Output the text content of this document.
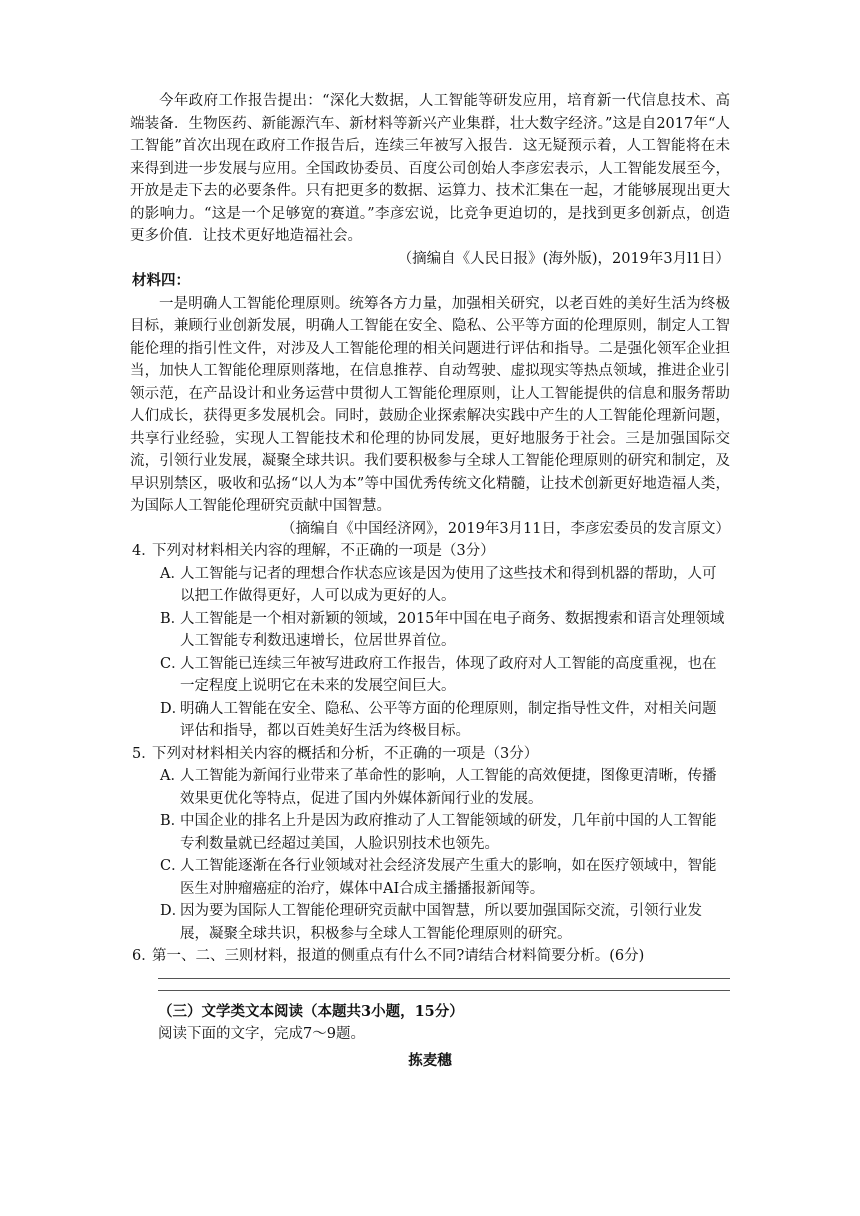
今年政府工作报告提出：“深化大数据，人工智能等研发应用，培育新一代信息技术、高端装备．生物医药、新能源汽车、新材料等新兴产业集群，壮大数字经济。”这是自2017年“人工智能”首次出现在政府工作报告后，连续三年被写入报告．这无疑预示着，人工智能将在未来得到进一步发展与应用。全国政协委员、百度公司创始人李彦宏表示，人工智能发展至今，开放是走下去的必要条件。只有把更多的数据、运算力、技术汇集在一起，才能够展现出更大的影响力。“这是一个足够宽的赛道。”李彦宏说，比竞争更迫切的，是找到更多创新点，创造更多价值．让技术更好地造福社会。

（摘编自《人民日报》(海外版)，2019年3月l1日）

材料四：

一是明确人工智能伦理原则。统筹各方力量，加强相关研究，以老百姓的美好生活为终极目标，兼顾行业创新发展，明确人工智能在安全、隐私、公平等方面的伦理原则，制定人工智能伦理的指引性文件，对涉及人工智能伦理的相关问题进行评估和指导。二是强化领军企业担当，加快人工智能伦理原则落地，在信息推荐、自动驾驶、虚拟现实等热点领域，推进企业引领示范，在产品设计和业务运营中贯彻人工智能伦理原则，让人工智能提供的信息和服务帮助人们成长，获得更多发展机会。同时，鼓励企业探索解决实践中产生的人工智能伦理新问题，共享行业经验，实现人工智能技术和伦理的协同发展，更好地服务于社会。三是加强国际交流，引领行业发展，凝聚全球共识。我们要积极参与全球人工智能伦理原则的研究和制定，及早识别禁区，吸收和弘扬“以人为本”等中国优秀传统文化精髓，让技术创新更好地造福人类，为国际人工智能伦理研究贡献中国智慧。

（摘编自《中国经济网》，2019年3月11日，李彦宏委员的发言原文）

4．
下列对材料相关内容的理解，不正确的一项是（3分）
A．
人工智能与记者的理想合作状态应该是因为使用了这些技术和得到机器的帮助，人可以把工作做得更好，人可以成为更好的人。
B．
人工智能是一个相对新颖的领域，2015年中国在电子商务、数据搜索和语言处理领域人工智能专利数迅速增长，位居世界首位。
C．
人工智能已连续三年被写进政府工作报告，体现了政府对人工智能的高度重视，也在一定程度上说明它在未来的发展空间巨大。
D．
明确人工智能在安全、隐私、公平等方面的伦理原则，制定指导性文件，对相关问题评估和指导，都以百姓美好生活为终极目标。
5．
下列对材料相关内容的概括和分析，不正确的一项是（3分）
A．
人工智能为新闻行业带来了革命性的影响，人工智能的高效便捷，图像更清晰，传播效果更优化等特点，促进了国内外媒体新闻行业的发展。
B．
中国企业的排名上升是因为政府推动了人工智能领域的研发，几年前中国的人工智能专利数量就已经超过美国，人脸识别技术也领先。
C．
人工智能逐渐在各行业领域对社会经济发展产生重大的影响，如在医疗领域中，智能医生对肿瘤癌症的治疗，媒体中AI合成主播播报新闻等。
D．
因为要为国际人工智能伦理研究贡献中国智慧，所以要加强国际交流，引领行业发展，凝聚全球共识，积极参与全球人工智能伦理原则的研究。
6．
第一、二、三则材料，报道的侧重点有什么不同?请结合材料简要分析。(6分)

（三）文学类文本阅读（本题共3小题，15分）

阅读下面的文字，完成7～9题。

拣麦穗
